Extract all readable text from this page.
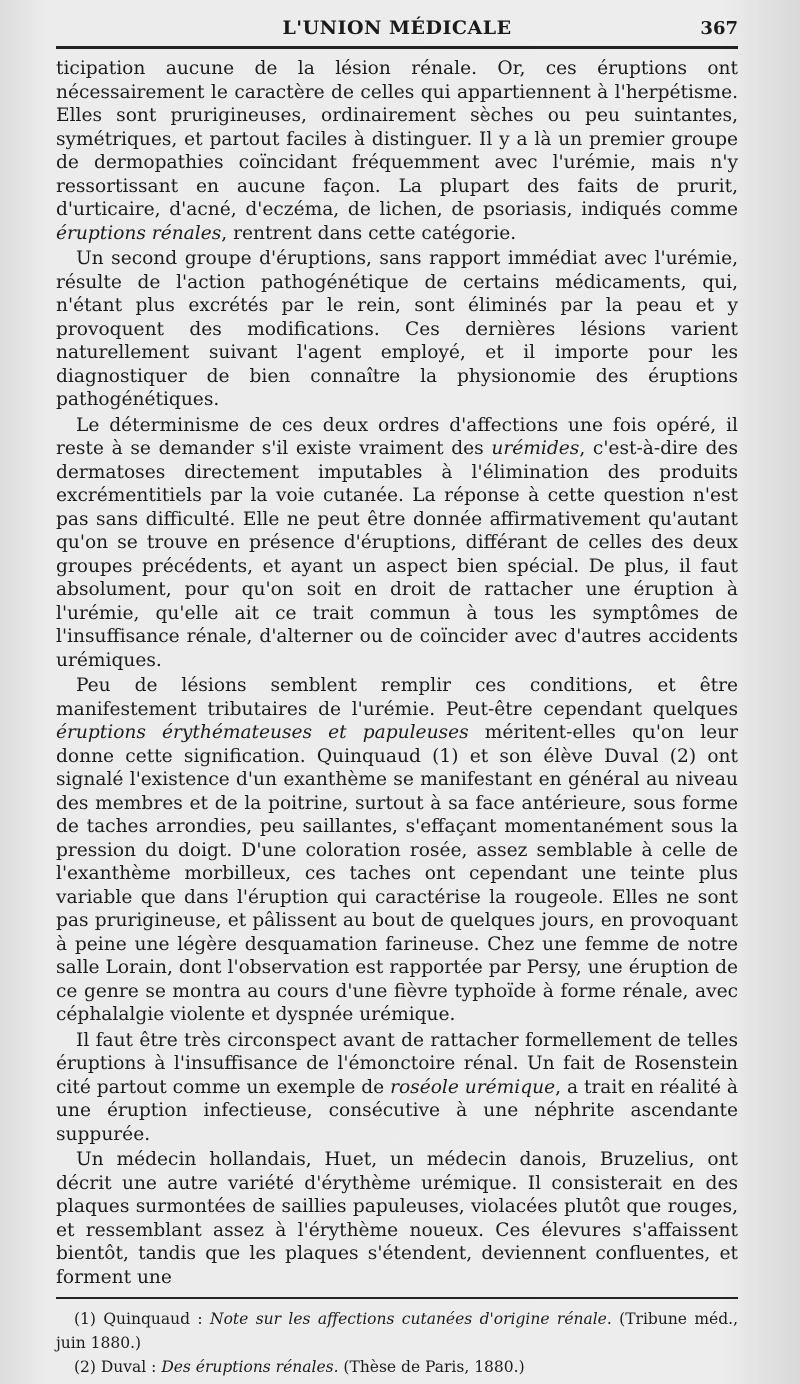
L'UNION MÉDICALE	367

ticipation aucune de la lésion rénale. Or, ces éruptions ont nécessairement le caractère de celles qui appartiennent à l'herpétisme. Elles sont prurigineuses, ordinairement sèches ou peu suintantes, symétriques, et partout faciles à distinguer. Il y a là un premier groupe de dermopathies coïncidant fréquemment avec l'urémie, mais n'y ressortissant en aucune façon. La plupart des faits de prurit, d'urticaire, d'acné, d'eczéma, de lichen, de psoriasis, indiqués comme éruptions rénales, rentrent dans cette catégorie.

Un second groupe d'éruptions, sans rapport immédiat avec l'urémie, résulte de l'action pathogénétique de certains médicaments, qui, n'étant plus excrétés par le rein, sont éliminés par la peau et y provoquent des modifications. Ces dernières lésions varient naturellement suivant l'agent employé, et il importe pour les diagnostiquer de bien connaître la physionomie des éruptions pathogénétiques.

Le déterminisme de ces deux ordres d'affections une fois opéré, il reste à se demander s'il existe vraiment des urémides, c'est-à-dire des dermatoses directement imputables à l'élimination des produits excrémentitiels par la voie cutanée. La réponse à cette question n'est pas sans difficulté. Elle ne peut être donnée affirmativement qu'autant qu'on se trouve en présence d'éruptions, différant de celles des deux groupes précédents, et ayant un aspect bien spécial. De plus, il faut absolument, pour qu'on soit en droit de rattacher une éruption à l'urémie, qu'elle ait ce trait commun à tous les symptômes de l'insuffisance rénale, d'alterner ou de coïncider avec d'autres accidents urémiques.

Peu de lésions semblent remplir ces conditions, et être manifestement tributaires de l'urémie. Peut-être cependant quelques éruptions érythémateuses et papuleuses méritent-elles qu'on leur donne cette signification. Quinquaud (1) et son élève Duval (2) ont signalé l'existence d'un exanthème se manifestant en général au niveau des membres et de la poitrine, surtout à sa face antérieure, sous forme de taches arrondies, peu saillantes, s'effaçant momentanément sous la pression du doigt. D'une coloration rosée, assez semblable à celle de l'exanthème morbilleux, ces taches ont cependant une teinte plus variable que dans l'éruption qui caractérise la rougeole. Elles ne sont pas prurigineuse, et pâlissent au bout de quelques jours, en provoquant à peine une légère desquamation farineuse. Chez une femme de notre salle Lorain, dont l'observation est rapportée par Persy, une éruption de ce genre se montra au cours d'une fièvre typhoïde à forme rénale, avec céphalalgie violente et dyspnée urémique.

Il faut être très circonspect avant de rattacher formellement de telles éruptions à l'insuffisance de l'émonctoire rénal. Un fait de Rosenstein cité partout comme un exemple de roséole urémique, a trait en réalité à une éruption infectieuse, consécutive à une néphrite ascendante suppurée.

Un médecin hollandais, Huet, un médecin danois, Bruzelius, ont décrit une autre variété d'érythème urémique. Il consisterait en des plaques surmontées de saillies papuleuses, violacées plutôt que rouges, et ressemblant assez à l'érythème noueux. Ces élevures s'affaissent bientôt, tandis que les plaques s'étendent, deviennent confluentes, et forment une

(1) Quinquaud : Note sur les affections cutanées d'origine rénale. (Tribune méd., juin 1880.)

(2) Duval : Des éruptions rénales. (Thèse de Paris, 1880.)
